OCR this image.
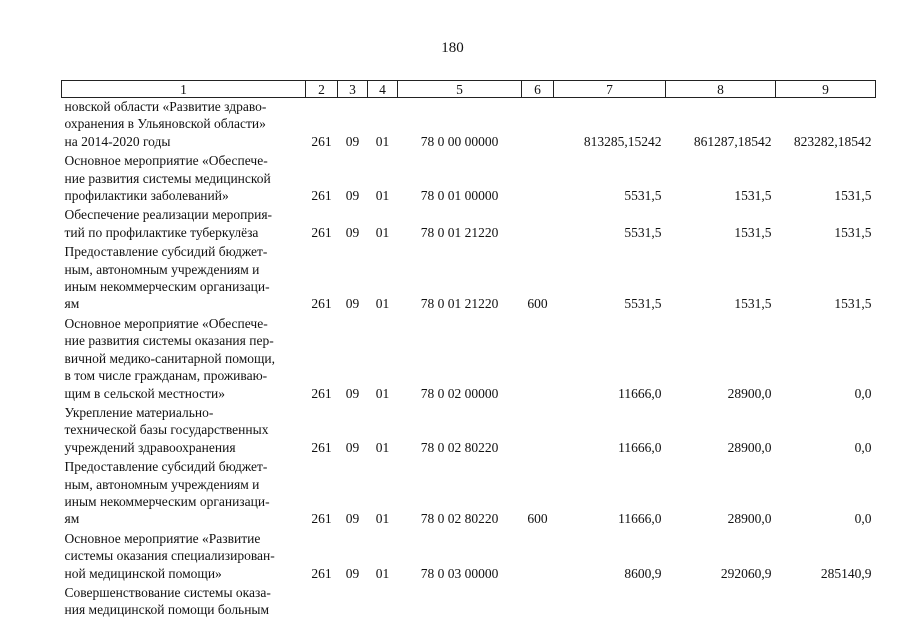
180
1	2	3	4	5	6	7	8	9
новской области «Развитие здраво-
охранения в Ульяновской области»
на 2014-2020 годы	261	09	01	78 0 00 00000		813285,15242	861287,18542	823282,18542
Основное мероприятие «Обеспече-
ние развития системы медицинской
профилактики заболеваний»	261	09	01	78 0 01 00000		5531,5	1531,5	1531,5
Обеспечение реализации мероприя-
тий по профилактике туберкулёза	261	09	01	78 0 01 21220		5531,5	1531,5	1531,5
Предоставление субсидий бюджет-
ным, автономным учреждениям и
иным некоммерческим организаци-
ям	261	09	01	78 0 01 21220	600	5531,5	1531,5	1531,5
Основное мероприятие «Обеспече-
ние развития системы оказания пер-
вичной медико-санитарной помощи,
в том числе гражданам, проживаю-
щим в сельской местности»	261	09	01	78 0 02 00000		11666,0	28900,0	0,0
Укрепление материально-
технической базы государственных
учреждений здравоохранения	261	09	01	78 0 02 80220		11666,0	28900,0	0,0
Предоставление субсидий бюджет-
ным, автономным учреждениям и
иным некоммерческим организаци-
ям	261	09	01	78 0 02 80220	600	11666,0	28900,0	0,0
Основное мероприятие «Развитие
системы оказания специализирован-
ной медицинской помощи»	261	09	01	78 0 03 00000		8600,9	292060,9	285140,9
Совершенствование системы оказа-
ния медицинской помощи больным								
